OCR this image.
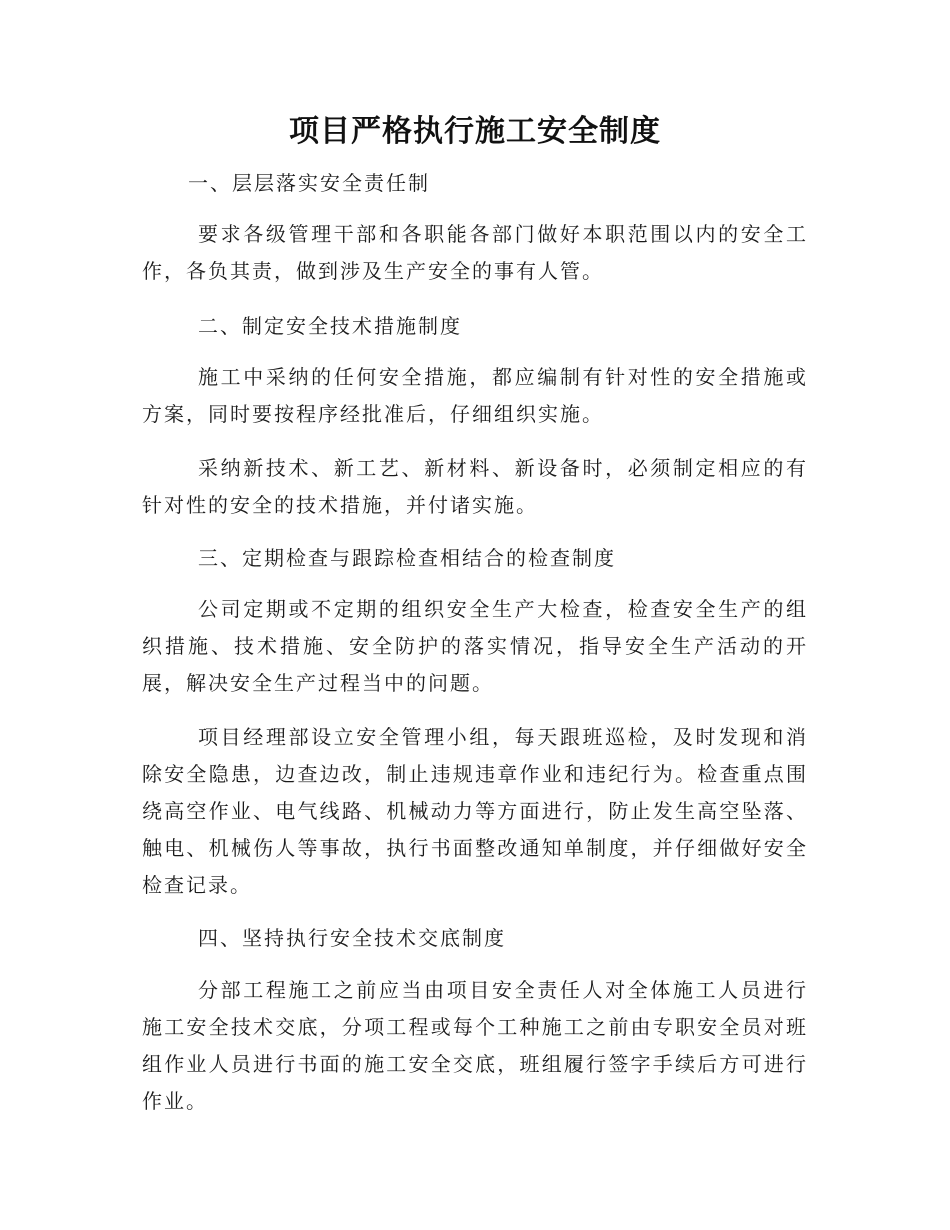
项目严格执行施工安全制度

一、层层落实安全责任制

要求各级管理干部和各职能各部门做好本职范围以内的安全工作，各负其责，做到涉及生产安全的事有人管。

二、制定安全技术措施制度

施工中采纳的任何安全措施，都应编制有针对性的安全措施或方案，同时要按程序经批准后，仔细组织实施。

采纳新技术、新工艺、新材料、新设备时，必须制定相应的有针对性的安全的技术措施，并付诸实施。

三、定期检查与跟踪检查相结合的检查制度

公司定期或不定期的组织安全生产大检查，检查安全生产的组织措施、技术措施、安全防护的落实情况，指导安全生产活动的开展，解决安全生产过程当中的问题。

项目经理部设立安全管理小组，每天跟班巡检，及时发现和消除安全隐患，边查边改，制止违规违章作业和违纪行为。检查重点围绕高空作业、电气线路、机械动力等方面进行，防止发生高空坠落、触电、机械伤人等事故，执行书面整改通知单制度，并仔细做好安全检查记录。

四、坚持执行安全技术交底制度

分部工程施工之前应当由项目安全责任人对全体施工人员进行施工安全技术交底，分项工程或每个工种施工之前由专职安全员对班组作业人员进行书面的施工安全交底，班组履行签字手续后方可进行作业。
